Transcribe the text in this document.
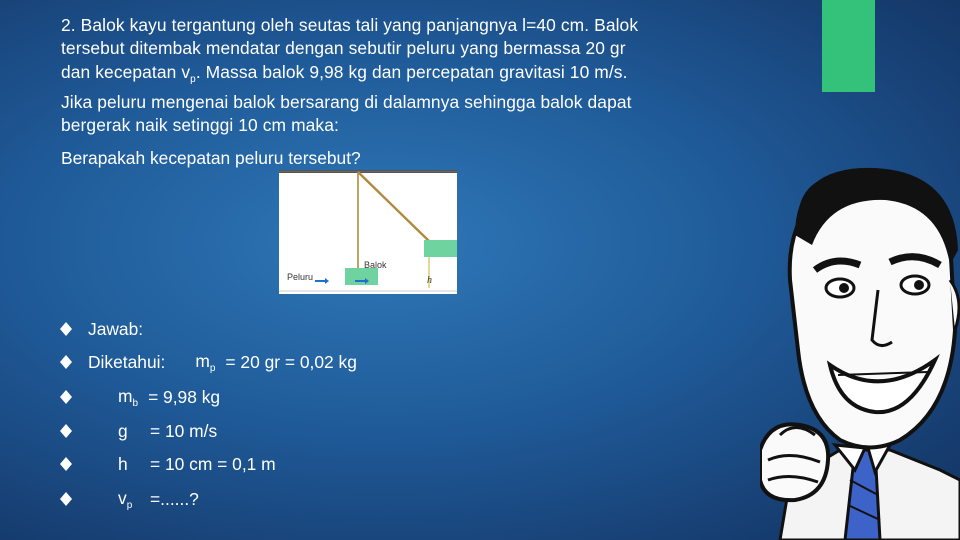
2. Balok kayu tergantung oleh seutas tali yang panjangnya l=40 cm. Balok

tersebut ditembak mendatar dengan sebutir peluru yang bermassa 20 gr

dan kecepatan $v_p$. Massa balok 9,98 kg dan percepatan gravitasi 10 m/s.

Jika peluru mengenai balok bersarang di dalamnya sehingga balok dapat

bergerak naik setinggi 10 cm maka:

Berapakah kecepatan peluru tersebut?
Peluru
Balok
h
Jawab:
Diketahui: $m_p = 20$ gr = 0,02 kg
$m_b = 9,98$ kg
g	= 10 m/s
h	= 10 cm = 0,1 m
$v_p$	=......?
